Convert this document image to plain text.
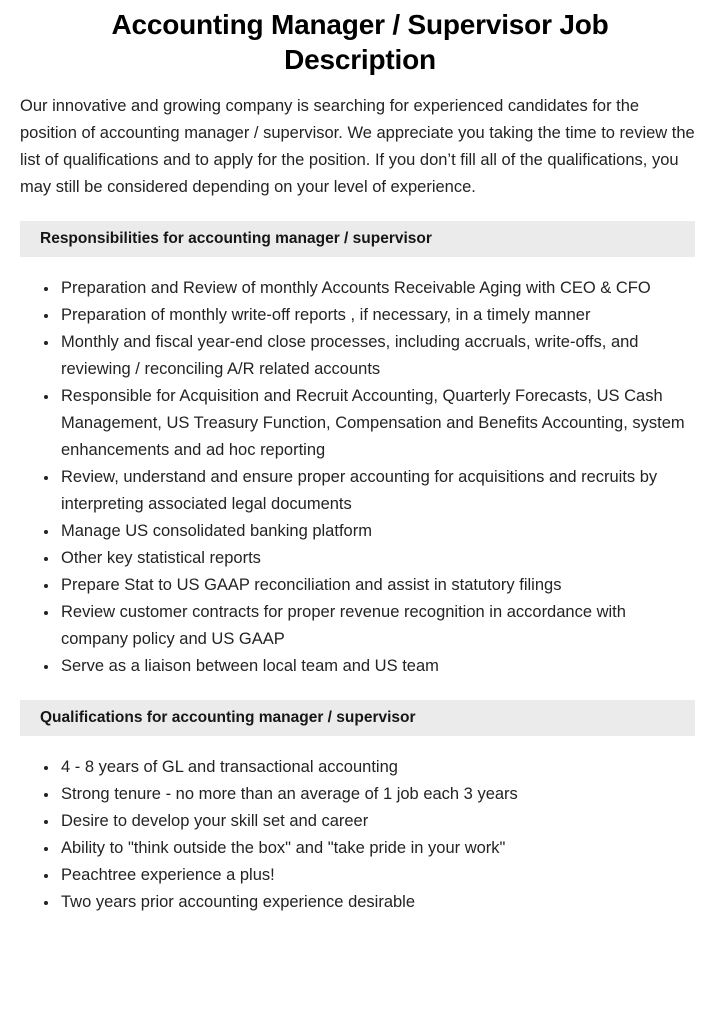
Accounting Manager / Supervisor Job Description

Our innovative and growing company is searching for experienced candidates for the position of accounting manager / supervisor. We appreciate you taking the time to review the list of qualifications and to apply for the position. If you don’t fill all of the qualifications, you may still be considered depending on your level of experience.

Responsibilities for accounting manager / supervisor
Preparation and Review of monthly Accounts Receivable Aging with CEO & CFO
Preparation of monthly write-off reports , if necessary, in a timely manner
Monthly and fiscal year-end close processes, including accruals, write-offs, and reviewing / reconciling A/R related accounts
Responsible for Acquisition and Recruit Accounting, Quarterly Forecasts, US Cash Management, US Treasury Function, Compensation and Benefits Accounting, system enhancements and ad hoc reporting
Review, understand and ensure proper accounting for acquisitions and recruits by interpreting associated legal documents
Manage US consolidated banking platform
Other key statistical reports
Prepare Stat to US GAAP reconciliation and assist in statutory filings
Review customer contracts for proper revenue recognition in accordance with company policy and US GAAP
Serve as a liaison between local team and US team
Qualifications for accounting manager / supervisor
4 - 8 years of GL and transactional accounting
Strong tenure - no more than an average of 1 job each 3 years
Desire to develop your skill set and career
Ability to "think outside the box" and "take pride in your work"
Peachtree experience a plus!
Two years prior accounting experience desirable
